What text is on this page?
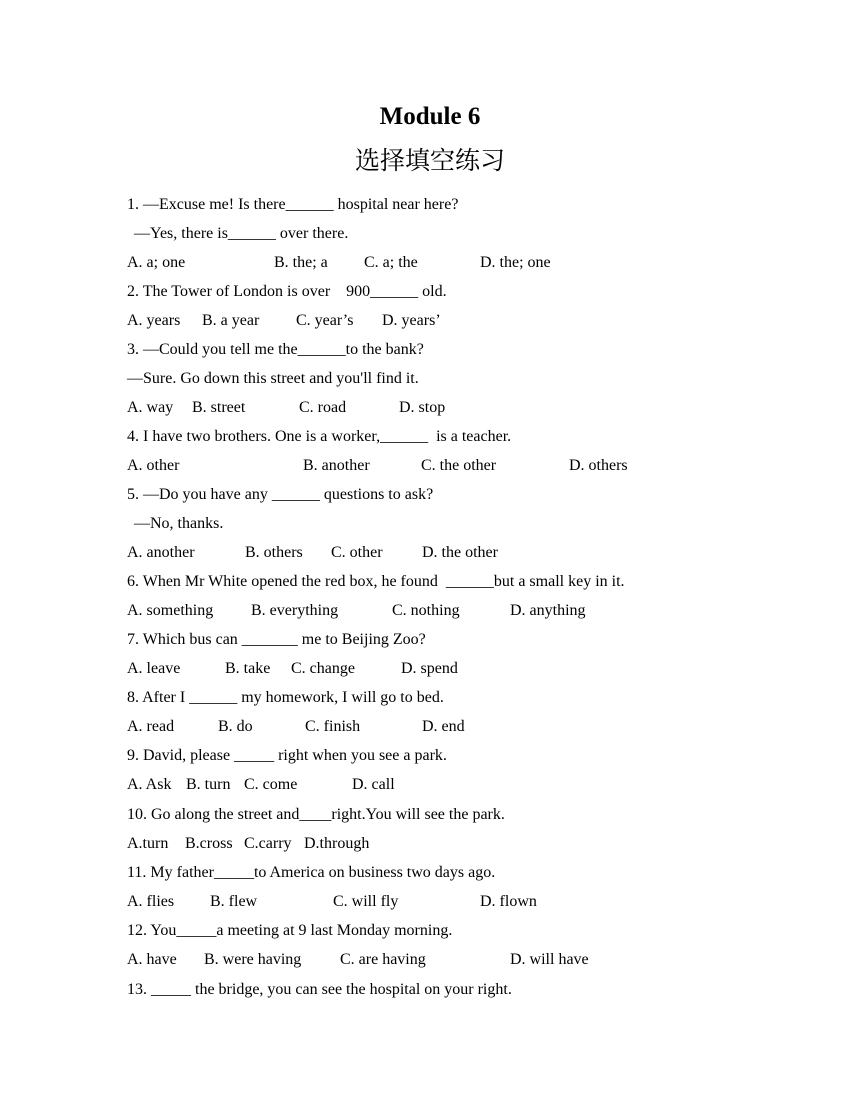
Module 6
选择填空练习
1. —Excuse me! Is there______ hospital near here?
—Yes, there is______ over there.

A. a; one

	B. the; a

C. a; the

	D. the; one

2. The Tower of London is over    900______ old.

A. years

B. a year

C. year’s

D. years’

3. —Could you tell me the______to the bank?
—Sure. Go down this street and you'll find it.

A. way

B. street

	C. road

	D. stop

4. I have two brothers. One is a worker,______  is a teacher.

A. other

	B. another

	C. the other

	D. others

5. —Do you have any ______ questions to ask?
—No, thanks.

A. another

	B. others

C. other

D. the other

6. When Mr White opened the red box, he found  ______but a small key in it.

A. something

B. everything

	C. nothing

	D. anything

7. Which bus can _______ me to Beijing Zoo?

A. leave

	B. take

C. change

	D. spend

8. After I ______ my homework, I will go to bed.

A. read

	B. do

	C. finish

	D. end

9. David, please _____ right when you see a park.

A. Ask

B. turn

C. come

	D. call

10. Go along the street and____right.You will see the park.

A.turn

B.cross

C.carry

D.through

11. My father_____to America on business two days ago.

A. flies

B. flew

	C. will fly

	D. flown

12. You_____a meeting at 9 last Monday morning.

A. have

B. were having

C. are having

	D. will have

13. _____ the bridge, you can see the hospital on your right.
